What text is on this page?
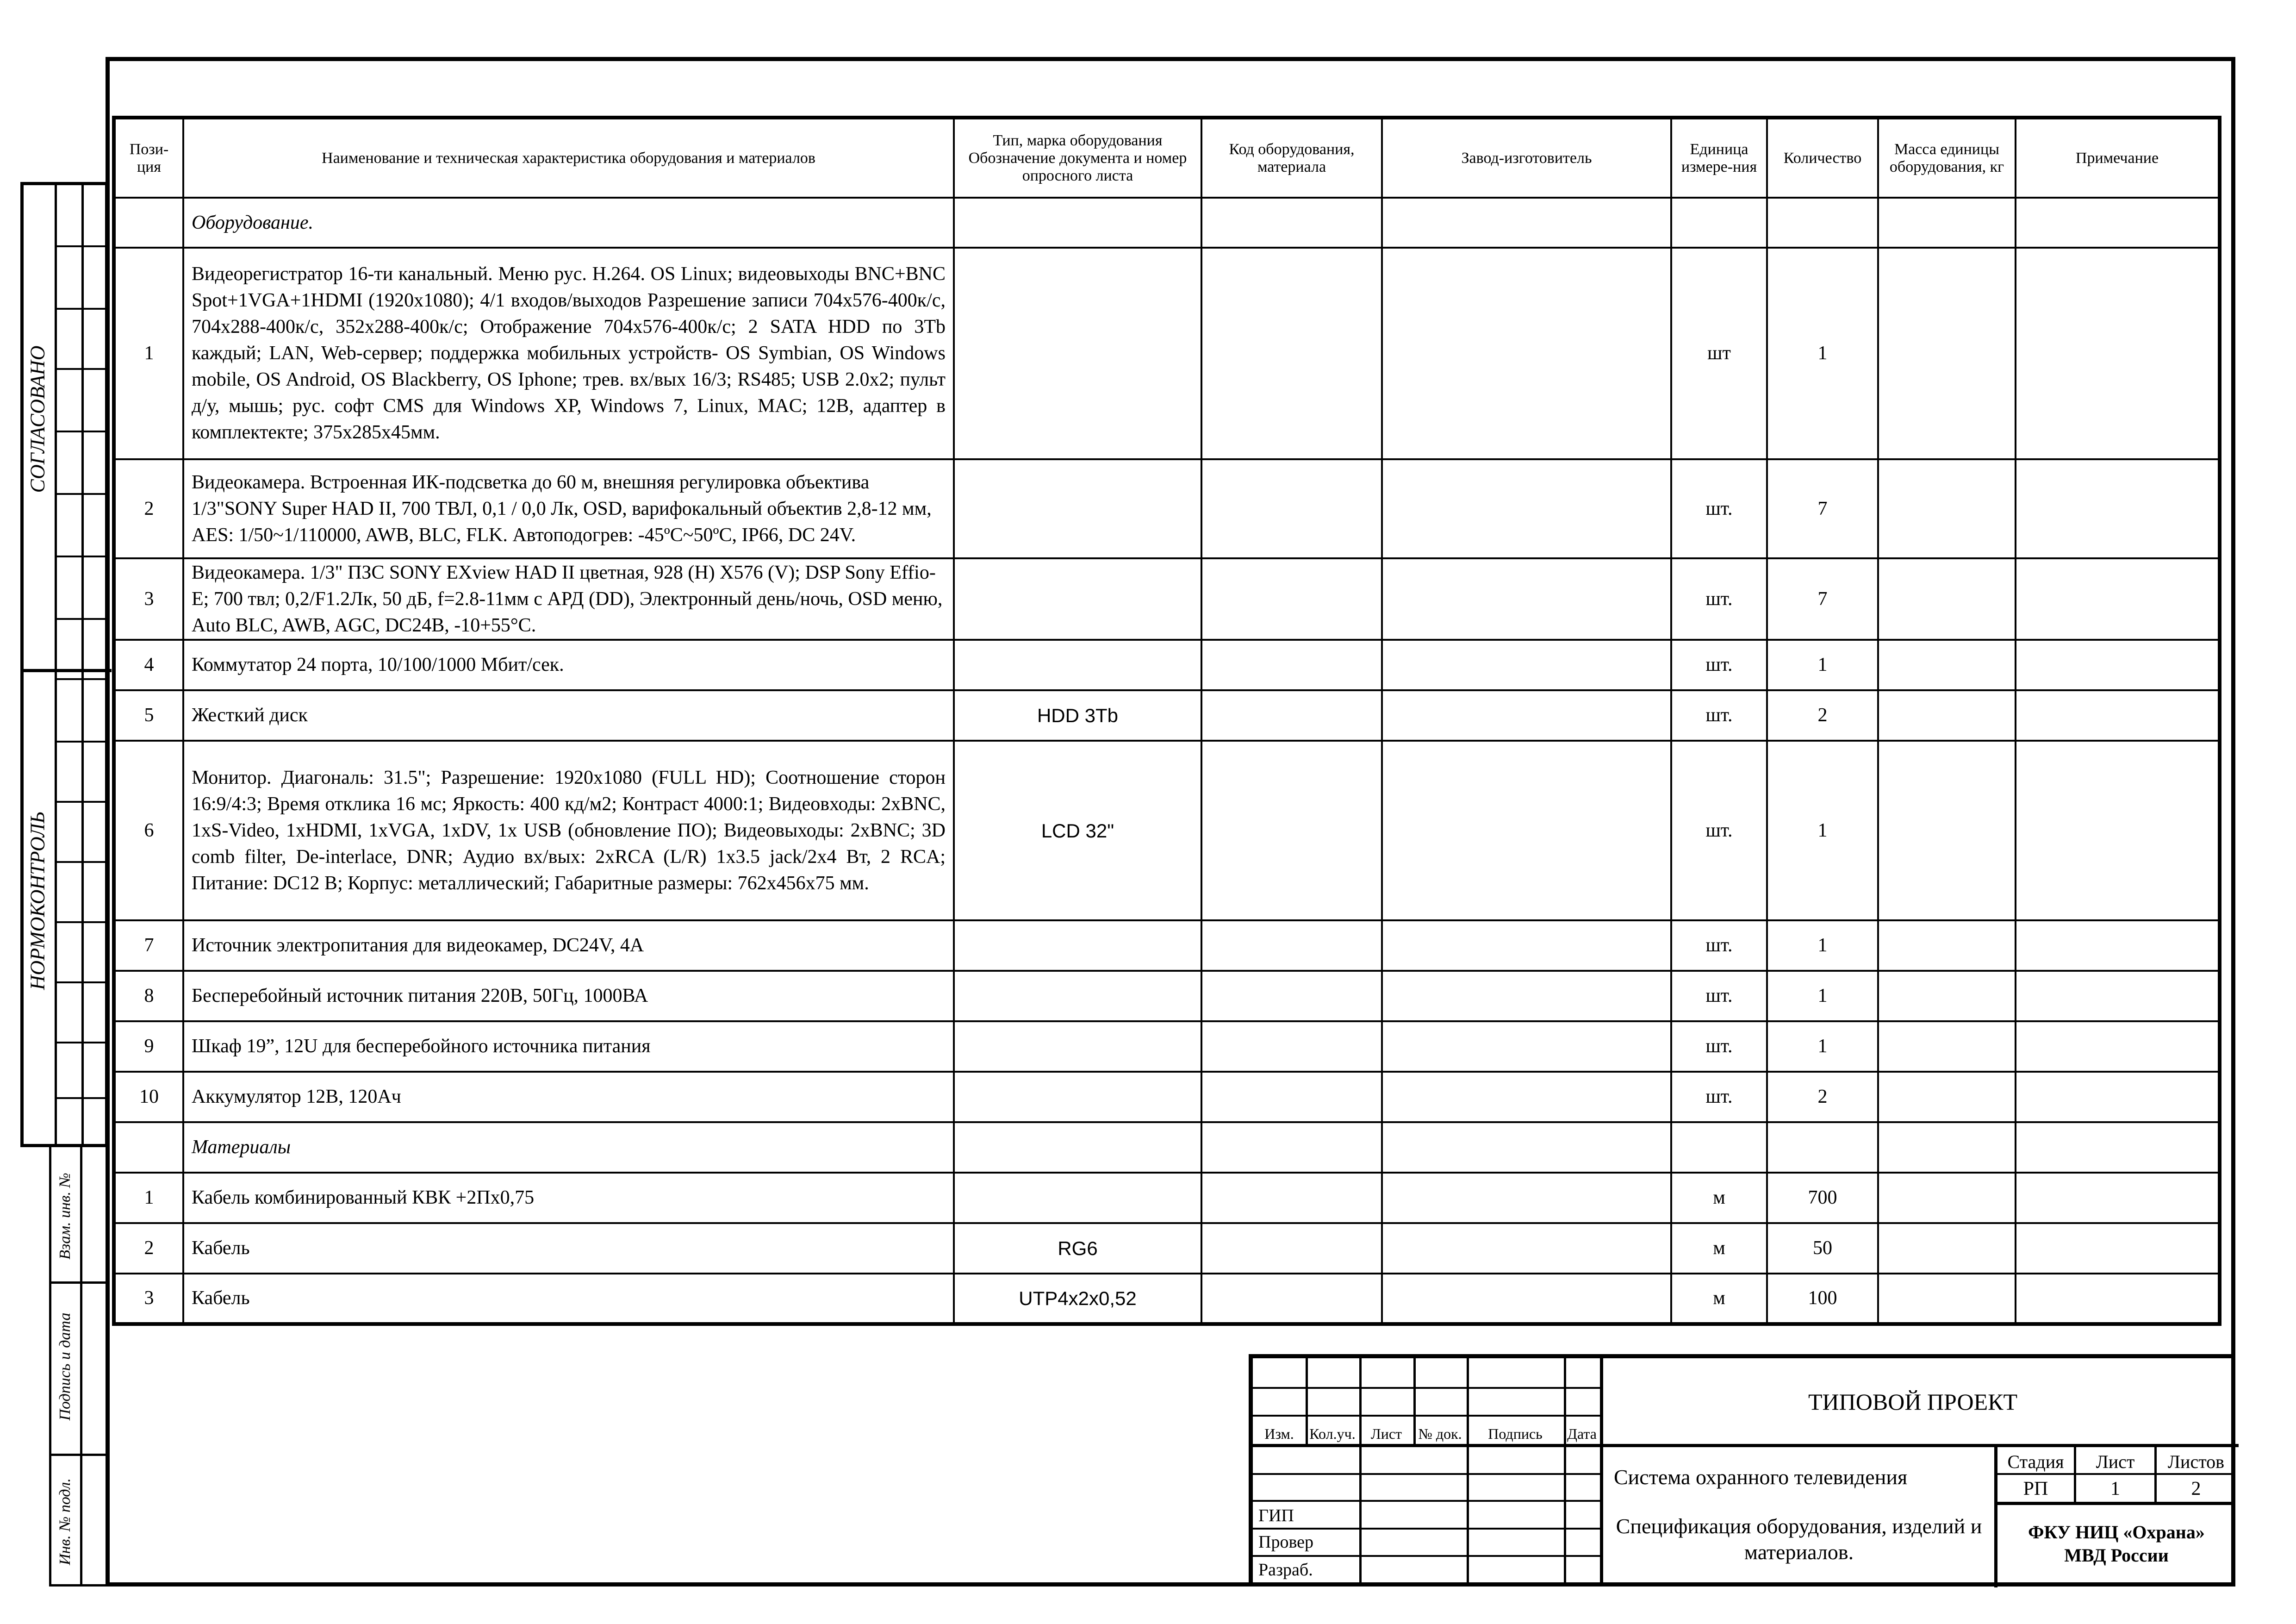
СОГЛАСОВАНО
НОРМОКОНТРОЛЬ
Взам. инв. №
Подпись и дата
Инв. № подл.
Пози-ция	Наименование и техническая характеристика оборудования и материалов	Тип, марка оборудования Обозначение документа и номер опросного листа	Код оборудования, материала	Завод-изготовитель	Единица измере-ния	Количество	Масса единицы оборудования, кг	Примечание
	Оборудование.							
1	Видеорегистратор 16-ти канальный. Меню рус. H.264. OS Linux; видеовыходы BNC+BNC Spot+1VGA+1HDMI (1920x1080); 4/1 входов/выходов Разрешение записи 704x576-400к/с, 704x288-400к/с, 352x288-400к/с; Отображение 704x576-400к/с; 2 SATA HDD по 3Tb каждый; LAN, Web-сервер; поддержка мобильных устройств- OS Symbian, OS Windows mobile, OS Android, OS Blackberry, OS Iphone; трев. вх/вых 16/3; RS485; USB 2.0x2; пульт д/у, мышь; рус. софт CMS для Windows XP, Windows 7, Linux, MAC; 12В, адаптер в комплектекте; 375x285x45мм.				шт	1		
2	Видеокамера. Встроенная ИК-подсветка до 60 м, внешняя регулировка объектива 1/3"SONY Super HAD II, 700 ТВЛ, 0,1 / 0,0 Лк, OSD, варифокальный объектив 2,8-12 мм, AES: 1/50~1/110000, AWB, BLC, FLK. Автоподогрев: -45ºC~50ºC, IP66, DC 24V.				шт.	7		
3	Видеокамера. 1/3" ПЗС SONY EXview HAD II цветная, 928 (H) X576 (V); DSP Sony Effio-E; 700 твл; 0,2/F1.2Лк, 50 дБ, f=2.8-11мм с АРД (DD), Электронный день/ночь, OSD меню, Auto BLC, AWB, AGC, DC24В, -10+55°C.				шт.	7		
4	Коммутатор 24 порта, 10/100/1000 Мбит/сек.				шт.	1		
5	Жесткий диск	HDD 3Tb			шт.	2		
6	Монитор. Диагональ: 31.5"; Разрешение: 1920x1080 (FULL HD); Соотношение сторон 16:9/4:3; Время отклика 16 мс; Яркость: 400 кд/м2; Контраст 4000:1; Видеовходы: 2xBNC, 1xS-Video, 1xHDMI, 1xVGA, 1xDV, 1x USB (обновление ПО); Видеовыходы: 2xBNC; 3D comb filter, De-interlace, DNR; Аудио вх/вых: 2xRCA (L/R) 1x3.5 jack/2x4 Вт, 2 RCA; Питание: DC12 В; Корпус: металлический; Габаритные размеры: 762x456x75 мм.	LCD 32"			шт.	1		
7	Источник электропитания для видеокамер, DC24V, 4A				шт.	1		
8	Бесперебойный источник питания 220В, 50Гц, 1000ВА				шт.	1		
9	Шкаф 19”, 12U для бесперебойного источника питания				шт.	1		
10	Аккумулятор 12В, 120Ач				шт.	2		
	Материалы							
1	Кабель комбинированный КВК +2Пх0,75				м	700		
2	Кабель	RG6			м	50		
3	Кабель	UTP4x2x0,52			м	100		
Изм.	Кол.уч.	Лист	№ док.	Подпись	Дата
ГИП
Провер
Разраб.
ТИПОВОЙ ПРОЕКТ
Система охранного телевидения
Спецификация оборудования, изделий и материалов.
Стадия	Лист	Листов
РП	1	2
ФКУ НИЦ «Охрана»
МВД России
